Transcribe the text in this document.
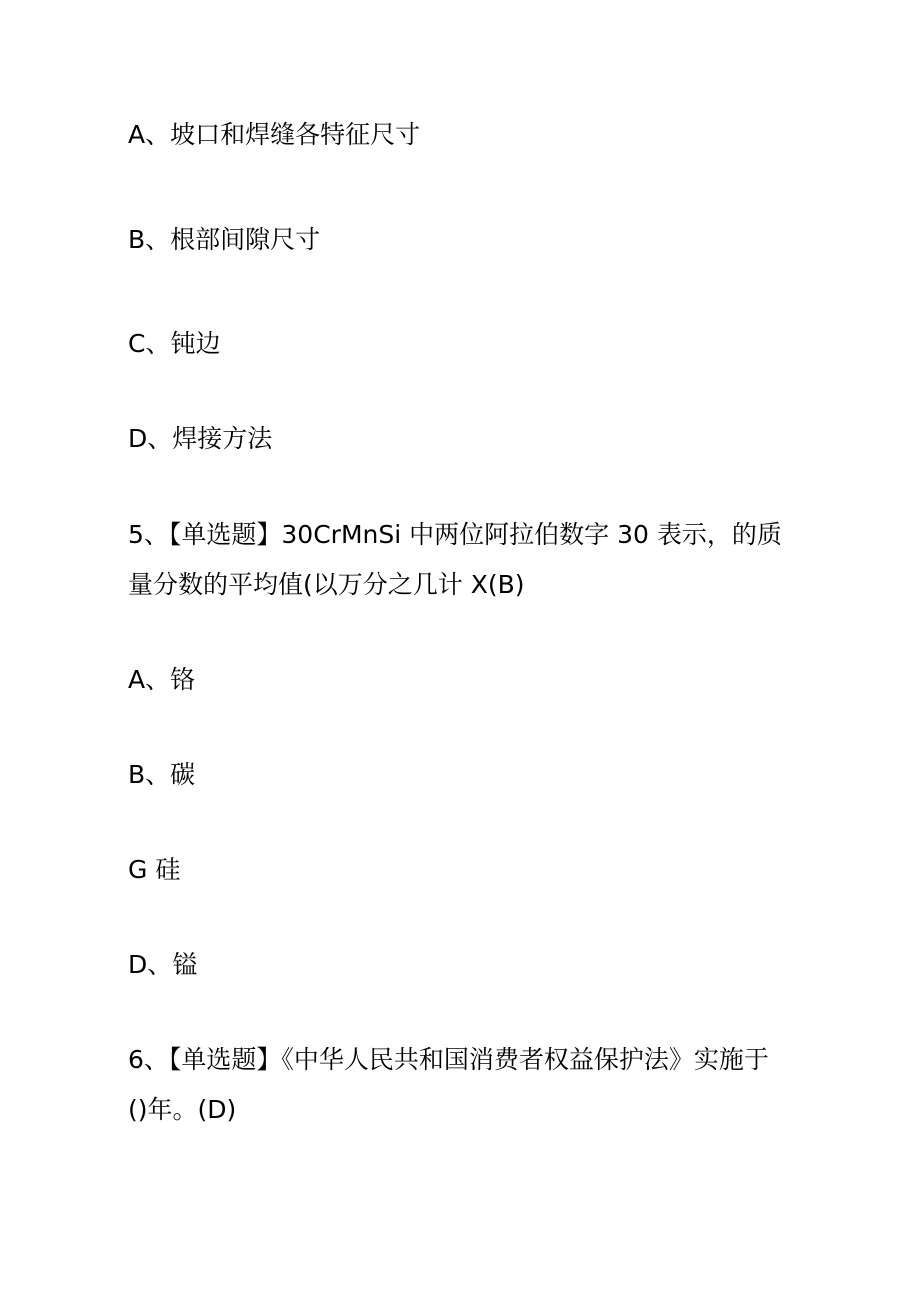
A、坡口和焊缝各特征尺寸

B、根部间隙尺寸

C、钝边

D、焊接方法

5、【单选题】30CrMnSi 中两位阿拉伯数字 30 表示，的质

量分数的平均值(以万分之几计 X(B)

A、铬

B、碳

G 硅

D、镒

6、【单选题】《中华人民共和国消费者权益保护法》实施于

()年。(D)
